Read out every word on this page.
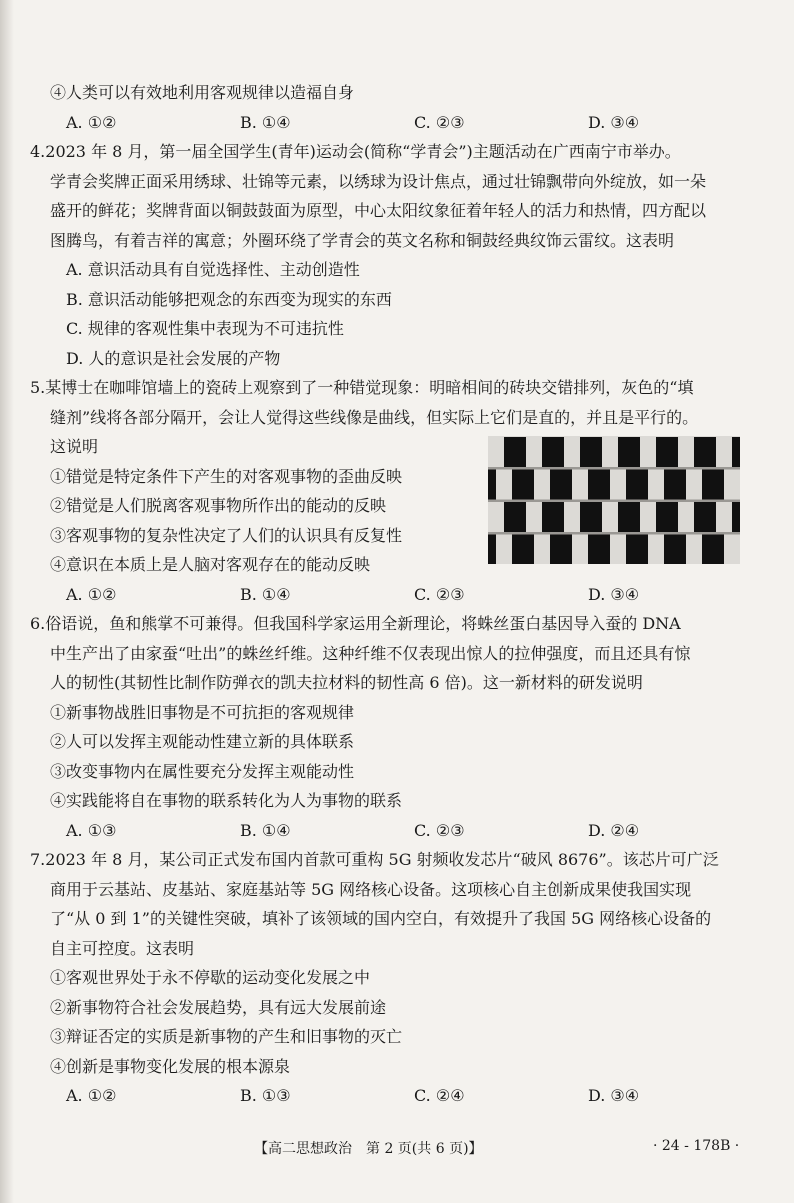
④人类可以有效地利用客观规律以造福自身
A. ①②	B. ①④	C. ②③	D. ③④
4.2023 年 8 月，第一届全国学生(青年)运动会(简称“学青会”)主题活动在广西南宁市举办。
学青会奖牌正面采用绣球、壮锦等元素，以绣球为设计焦点，通过壮锦飘带向外绽放，如一朵
盛开的鲜花；奖牌背面以铜鼓鼓面为原型，中心太阳纹象征着年轻人的活力和热情，四方配以
图腾鸟，有着吉祥的寓意；外圈环绕了学青会的英文名称和铜鼓经典纹饰云雷纹。这表明
A. 意识活动具有自觉选择性、主动创造性
B. 意识活动能够把观念的东西变为现实的东西
C. 规律的客观性集中表现为不可违抗性
D. 人的意识是社会发展的产物
5.某博士在咖啡馆墙上的瓷砖上观察到了一种错觉现象：明暗相间的砖块交错排列，灰色的“填
缝剂”线将各部分隔开，会让人觉得这些线像是曲线，但实际上它们是直的，并且是平行的。
这说明
①错觉是特定条件下产生的对客观事物的歪曲反映
②错觉是人们脱离客观事物所作出的能动的反映
③客观事物的复杂性决定了人们的认识具有反复性
④意识在本质上是人脑对客观存在的能动反映
A. ①②	B. ①④	C. ②③	D. ③④
6.俗语说，鱼和熊掌不可兼得。但我国科学家运用全新理论，将蛛丝蛋白基因导入蚕的 DNA
中生产出了由家蚕“吐出”的蛛丝纤维。这种纤维不仅表现出惊人的拉伸强度，而且还具有惊
人的韧性(其韧性比制作防弹衣的凯夫拉材料的韧性高 6 倍)。这一新材料的研发说明
①新事物战胜旧事物是不可抗拒的客观规律
②人可以发挥主观能动性建立新的具体联系
③改变事物内在属性要充分发挥主观能动性
④实践能将自在事物的联系转化为人为事物的联系
A. ①③	B. ①④	C. ②③	D. ②④
7.2023 年 8 月，某公司正式发布国内首款可重构 5G 射频收发芯片“破风 8676”。该芯片可广泛
商用于云基站、皮基站、家庭基站等 5G 网络核心设备。这项核心自主创新成果使我国实现
了“从 0 到 1”的关键性突破，填补了该领域的国内空白，有效提升了我国 5G 网络核心设备的
自主可控度。这表明
①客观世界处于永不停歇的运动变化发展之中
②新事物符合社会发展趋势，具有远大发展前途
③辩证否定的实质是新事物的产生和旧事物的灭亡
④创新是事物变化发展的根本源泉
A. ①②	B. ①③	C. ②④	D. ③④
【高二思想政治　第 2 页(共 6 页)】	· 24 - 178B ·
